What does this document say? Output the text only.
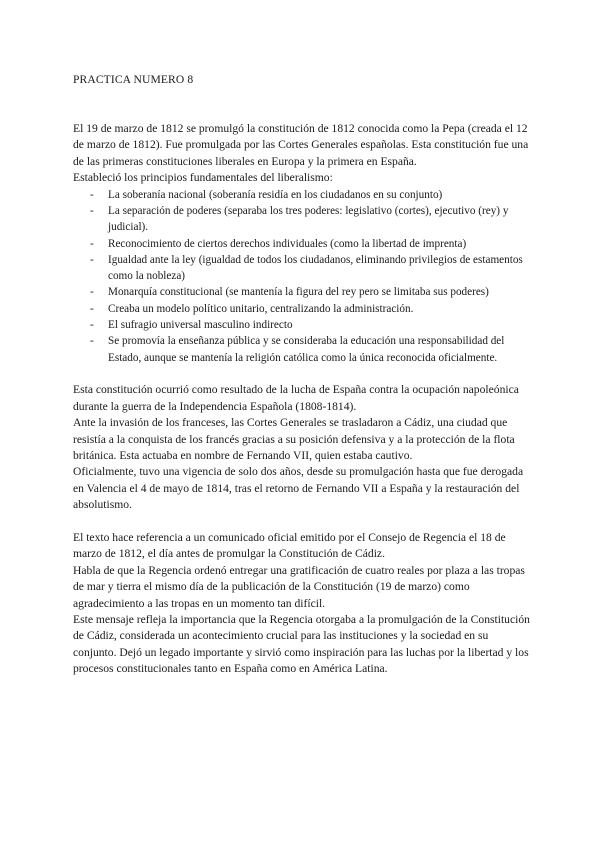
PRACTICA NUMERO 8

El 19 de marzo de 1812 se promulgó la constitución de 1812 conocida como la Pepa (creada el 12 de marzo de 1812). Fue promulgada por las Cortes Generales españolas. Esta constitución fue una de las primeras constituciones liberales en Europa y la primera en España.

Estableció los principios fundamentales del liberalismo:

- La soberanía nacional (soberanía residía en los ciudadanos en su conjunto)
- La separación de poderes (separaba los tres poderes: legislativo (cortes), ejecutivo (rey) y judicial).
- Reconocimiento de ciertos derechos individuales (como la libertad de imprenta)
- Igualdad ante la ley (igualdad de todos los ciudadanos, eliminando privilegios de estamentos como la nobleza)
- Monarquía constitucional (se mantenía la figura del rey pero se limitaba sus poderes)
- Creaba un modelo político unitario, centralizando la administración.
- El sufragio universal masculino indirecto
- Se promovía la enseñanza pública y se consideraba la educación una responsabilidad del Estado, aunque se mantenía la religión católica como la única reconocida oficialmente.

Esta constitución ocurrió como resultado de la lucha de España contra la ocupación napoleónica durante la guerra de la Independencia Española (1808-1814).

Ante la invasión de los franceses, las Cortes Generales se trasladaron a Cádiz, una ciudad que resistía a la conquista de los francés gracias a su posición defensiva y a la protección de la flota británica. Esta actuaba en nombre de Fernando VII, quien estaba cautivo.

Oficialmente, tuvo una vigencia de solo dos años, desde su promulgación hasta que fue derogada en Valencia el 4 de mayo de 1814, tras el retorno de Fernando VII a España y la restauración del absolutismo.

El texto hace referencia a un comunicado oficial emitido por el Consejo de Regencia el 18 de marzo de 1812, el día antes de promulgar la Constitución de Cádiz.

Habla de que la Regencia ordenó entregar una gratificación de cuatro reales por plaza a las tropas de mar y tierra el mismo día de la publicación de la Constitución (19 de marzo) como agradecimiento a las tropas en un momento tan difícil.

Este mensaje refleja la importancia que la Regencia otorgaba a la promulgación de la Constitución de Cádiz, considerada un acontecimiento crucial para las instituciones y la sociedad en su conjunto. Dejó un legado importante y sirvió como inspiración para las luchas por la libertad y los procesos constitucionales tanto en España como en América Latina.
